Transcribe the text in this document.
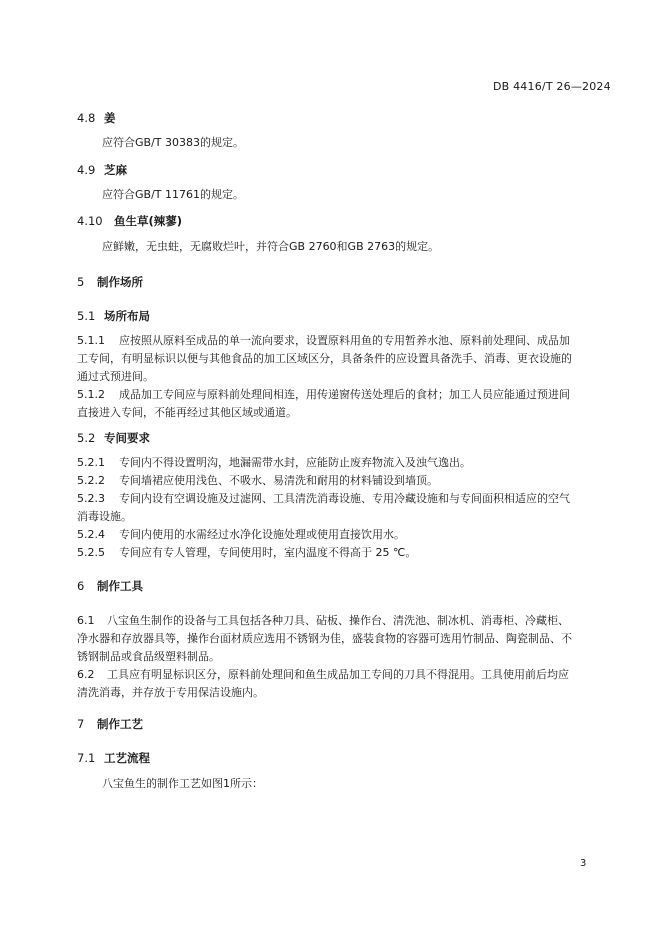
DB 4416/T 26—2024
4.8 姜
应符合GB/T 30383的规定。
4.9 芝麻
应符合GB/T 11761的规定。
4.10 鱼生草(辣蓼)
应鲜嫩，无虫蛀，无腐败烂叶，并符合GB 2760和GB 2763的规定。
5 制作场所
5.1 场所布局
5.1.1 应按照从原料至成品的单一流向要求，设置原料用鱼的专用暂养水池、原料前处理间、成品加
工专间，有明显标识以便与其他食品的加工区域区分，具备条件的应设置具备洗手、消毒、更衣设施的
通过式预进间。
5.1.2 成品加工专间应与原料前处理间相连，用传递窗传送处理后的食材；加工人员应能通过预进间
直接进入专间，不能再经过其他区域或通道。
5.2 专间要求
5.2.1 专间内不得设置明沟，地漏需带水封，应能防止废弃物流入及浊气逸出。
5.2.2 专间墙裙应使用浅色、不吸水、易清洗和耐用的材料铺设到墙顶。
5.2.3 专间内设有空调设施及过滤网、工具清洗消毒设施、专用冷藏设施和与专间面积相适应的空气
消毒设施。
5.2.4 专间内使用的水需经过水净化设施处理或使用直接饮用水。
5.2.5 专间应有专人管理，专间使用时，室内温度不得高于 25 ℃。
6 制作工具
6.1 八宝鱼生制作的设备与工具包括各种刀具、砧板、操作台、清洗池、制冰机、消毒柜、冷藏柜、
净水器和存放器具等，操作台面材质应选用不锈钢为佳，盛装食物的容器可选用竹制品、陶瓷制品、不
锈钢制品或食品级塑料制品。
6.2 工具应有明显标识区分，原料前处理间和鱼生成品加工专间的刀具不得混用。工具使用前后均应
清洗消毒，并存放于专用保洁设施内。
7 制作工艺
7.1 工艺流程
八宝鱼生的制作工艺如图1所示：
3
